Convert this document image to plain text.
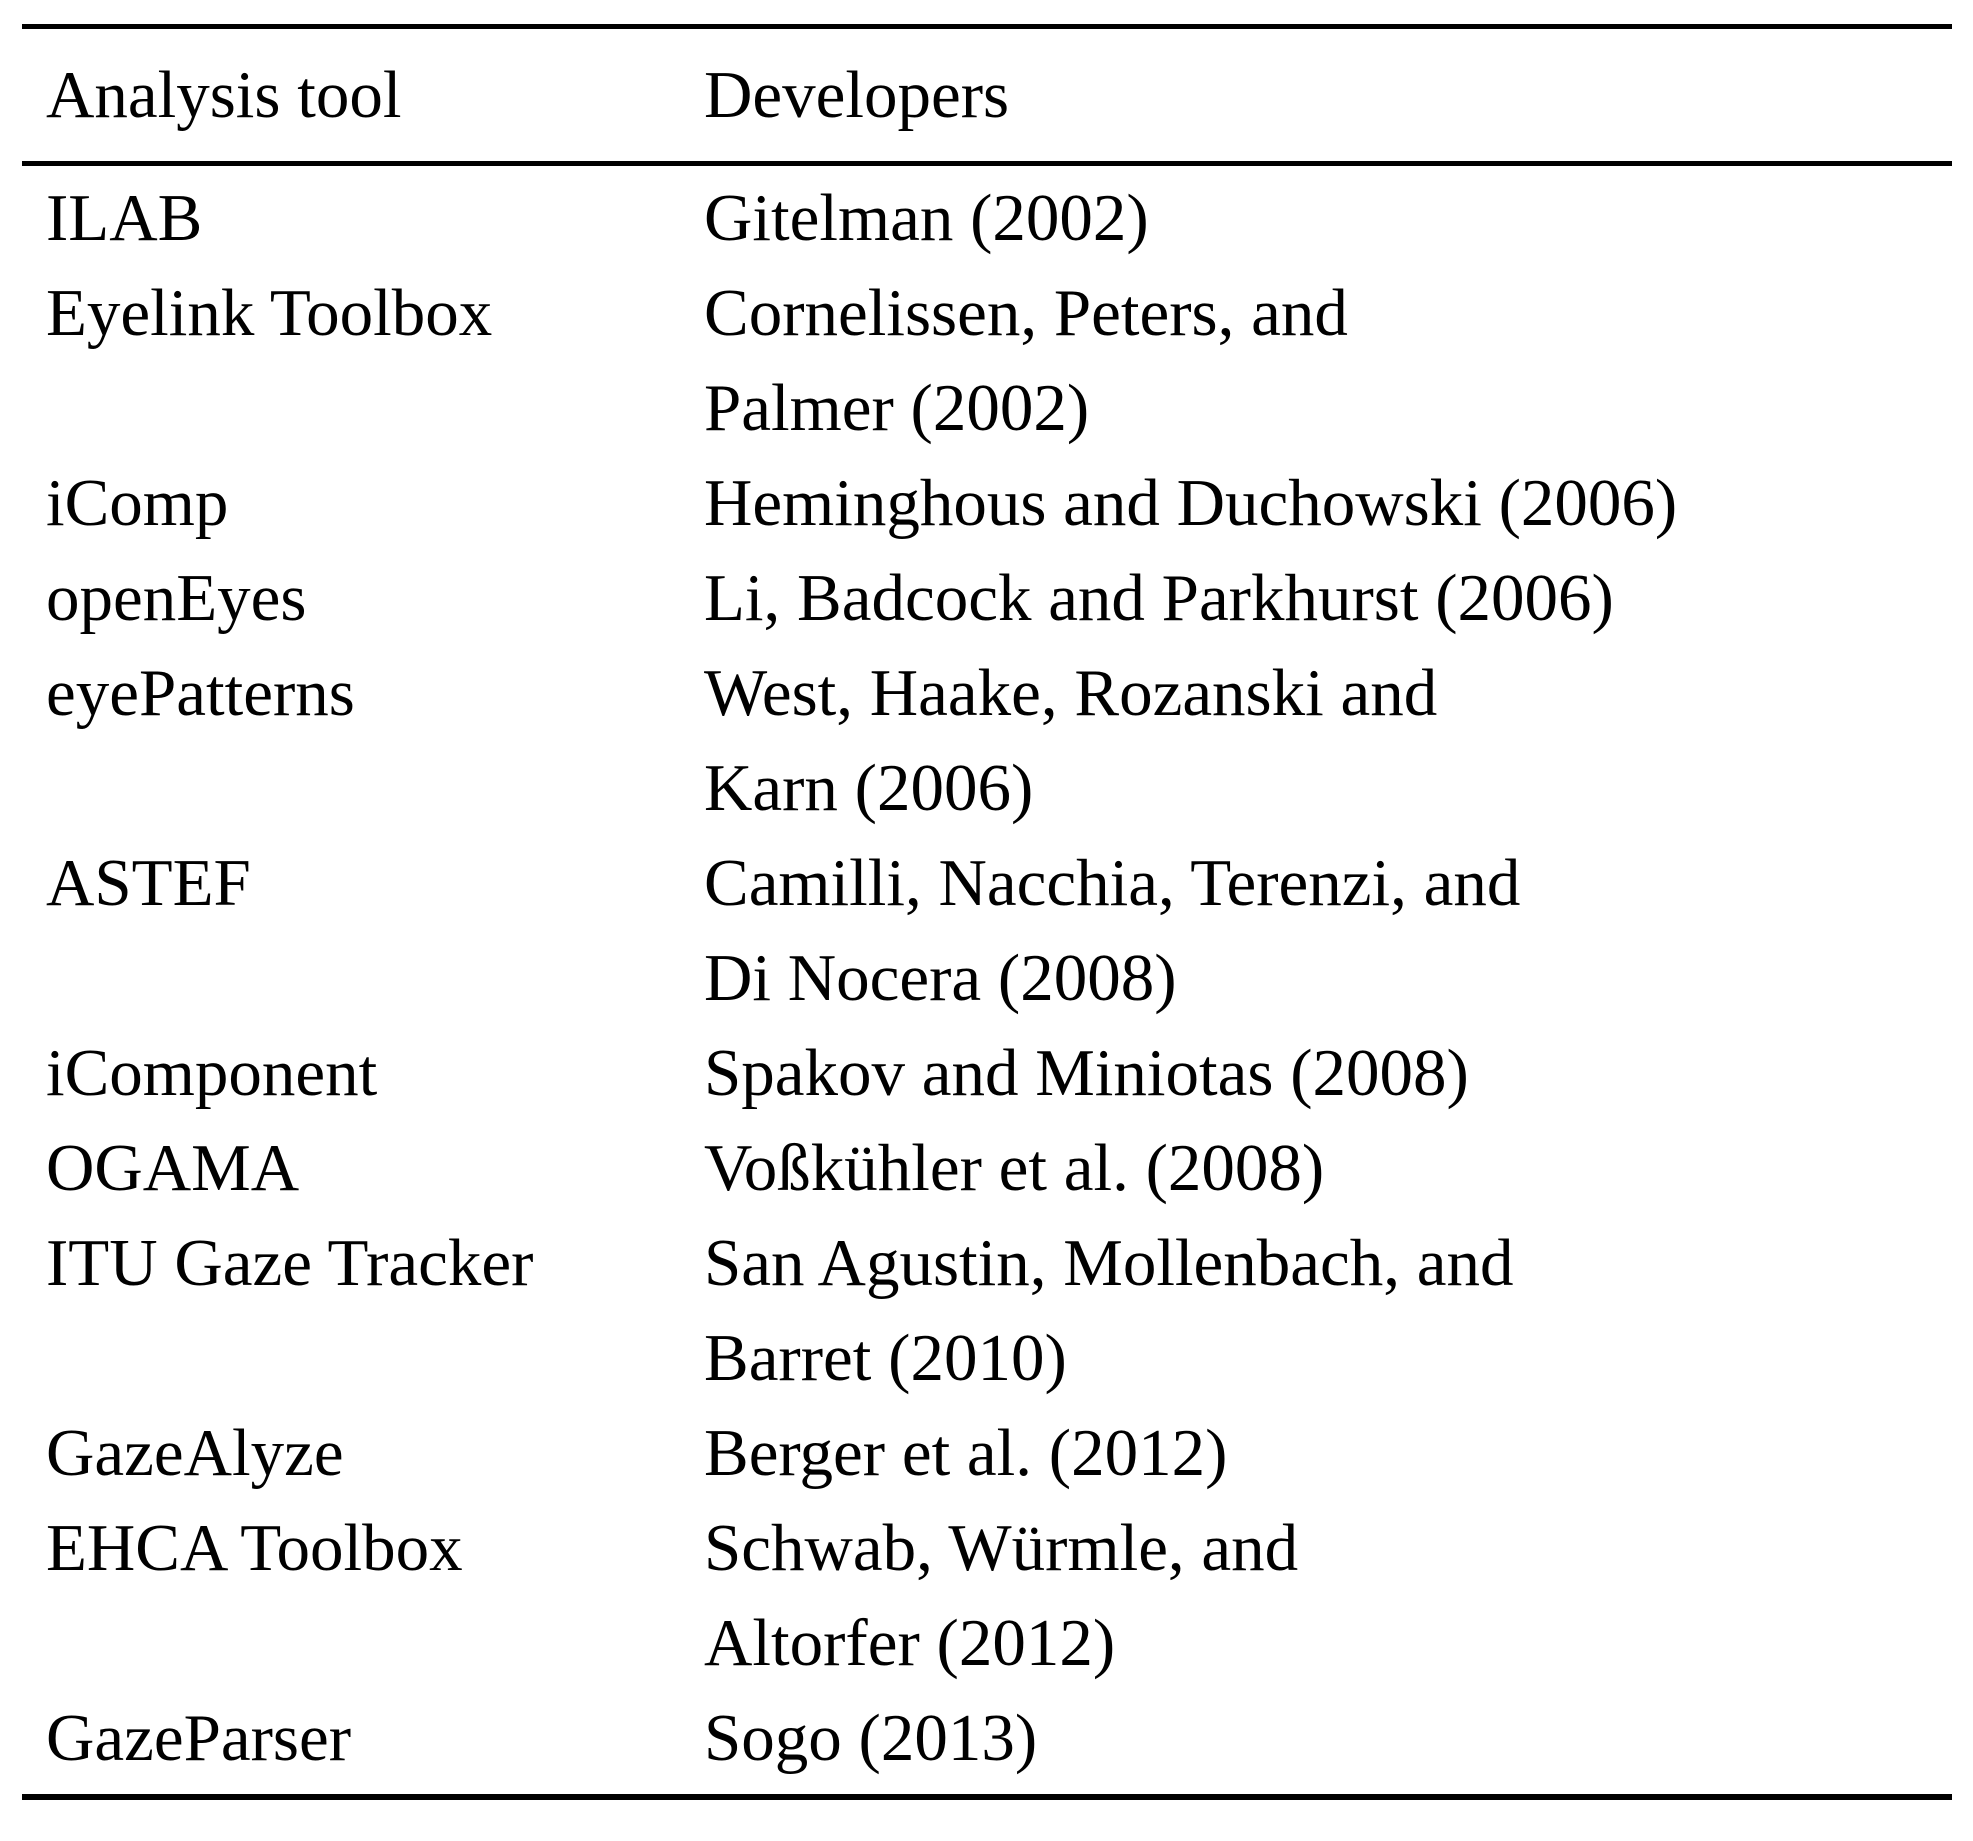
Analysis tool	Developers
ILAB	Gitelman (2002)
Eyelink Toolbox	Cornelissen, Peters, and
Palmer (2002)
iComp	Heminghous and Duchowski (2006)
openEyes	Li, Badcock and Parkhurst (2006)
eyePatterns	West, Haake, Rozanski and
Karn (2006)
ASTEF	Camilli, Nacchia, Terenzi, and
Di Nocera (2008)
iComponent	Spakov and Miniotas (2008)
OGAMA	Voßkühler et al. (2008)
ITU Gaze Tracker	San Agustin, Mollenbach, and
Barret (2010)
GazeAlyze	Berger et al. (2012)
EHCA Toolbox	Schwab, Würmle, and
Altorfer (2012)
GazeParser	Sogo (2013)
